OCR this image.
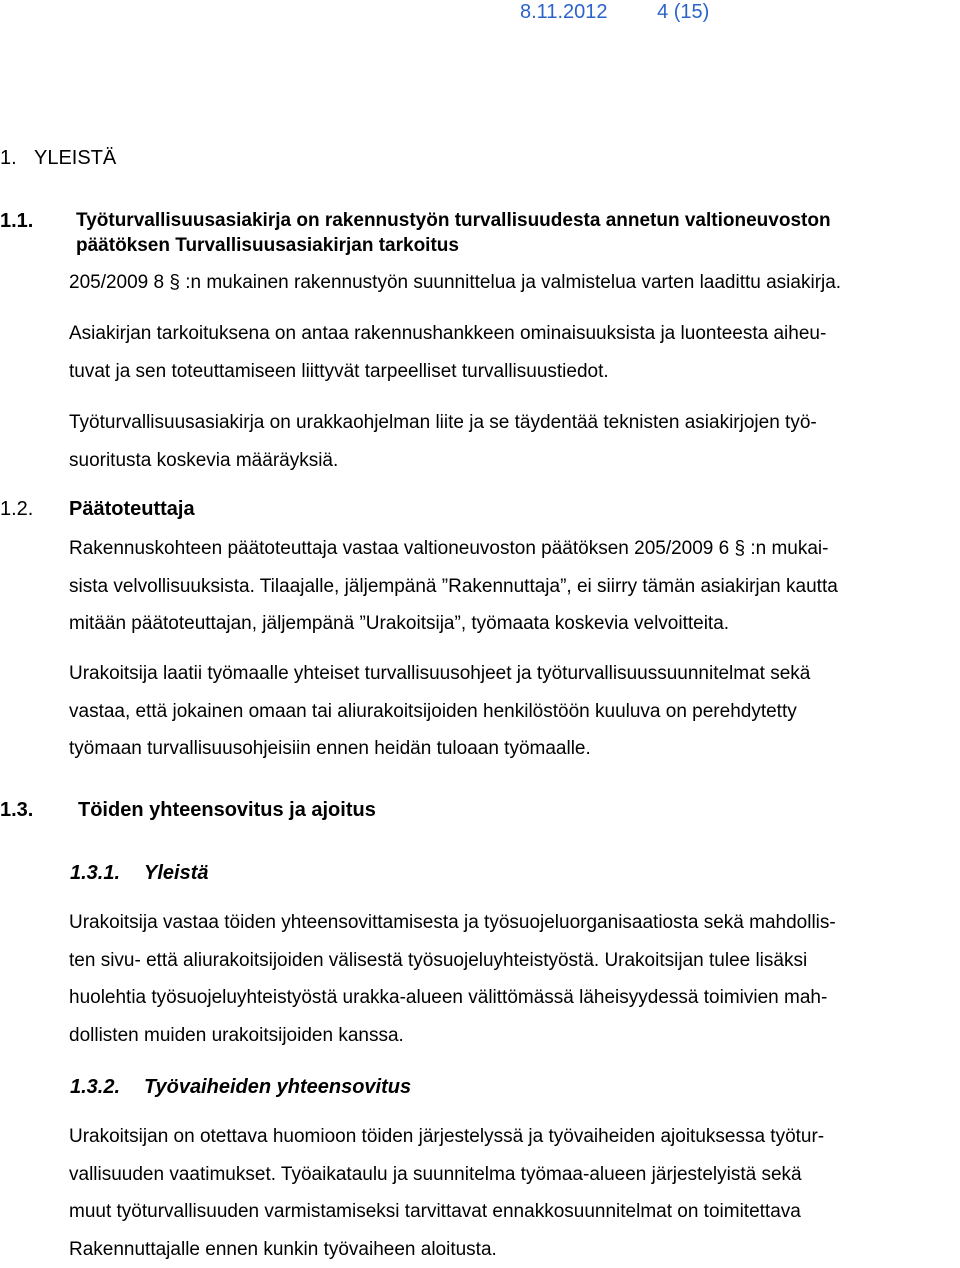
8.11.2012 4 (15)
1. YLEISTÄ
1.1. Työturvallisuusasiakirja on rakennustyön turvallisuudesta annetun valtioneuvoston
päätöksen Turvallisuusasiakirjan tarkoitus

205/2009 8 § :n mukainen rakennustyön suunnittelua ja valmistelua varten laadittu asiakirja.

Asiakirjan tarkoituksena on antaa rakennushankkeen ominaisuuksista ja luonteesta aiheu-
tuvat ja sen toteuttamiseen liittyvät tarpeelliset turvallisuustiedot.

Työturvallisuusasiakirja on urakkaohjelman liite ja se täydentää teknisten asiakirjojen työ-
suoritusta koskevia määräyksiä.

1.2. Päätoteuttaja

Rakennuskohteen päätoteuttaja vastaa valtioneuvoston päätöksen 205/2009 6 § :n mukai-
sista velvollisuuksista. Tilaajalle, jäljempänä ”Rakennuttaja”, ei siirry tämän asiakirjan kautta
mitään päätoteuttajan, jäljempänä ”Urakoitsija”, työmaata koskevia velvoitteita.

Urakoitsija laatii työmaalle yhteiset turvallisuusohjeet ja työturvallisuussuunnitelmat sekä
vastaa, että jokainen omaan tai aliurakoitsijoiden henkilöstöön kuuluva on perehdytetty
työmaan turvallisuusohjeisiin ennen heidän tuloaan työmaalle.

1.3. Töiden yhteensovitus ja ajoitus
1.3.1. Yleistä

Urakoitsija vastaa töiden yhteensovittamisesta ja työsuojeluorganisaatiosta sekä mahdollis-
ten sivu- että aliurakoitsijoiden välisestä työsuojeluyhteistyöstä. Urakoitsijan tulee lisäksi
huolehtia työsuojeluyhteistyöstä urakka-alueen välittömässä läheisyydessä toimivien mah-
dollisten muiden urakoitsijoiden kanssa.

1.3.2. Työvaiheiden yhteensovitus

Urakoitsijan on otettava huomioon töiden järjestelyssä ja työvaiheiden ajoituksessa työtur-
vallisuuden vaatimukset. Työaikataulu ja suunnitelma työmaa-alueen järjestelyistä sekä
muut työturvallisuuden varmistamiseksi tarvittavat ennakkosuunnitelmat on toimitettava
Rakennuttajalle ennen kunkin työvaiheen aloitusta.
